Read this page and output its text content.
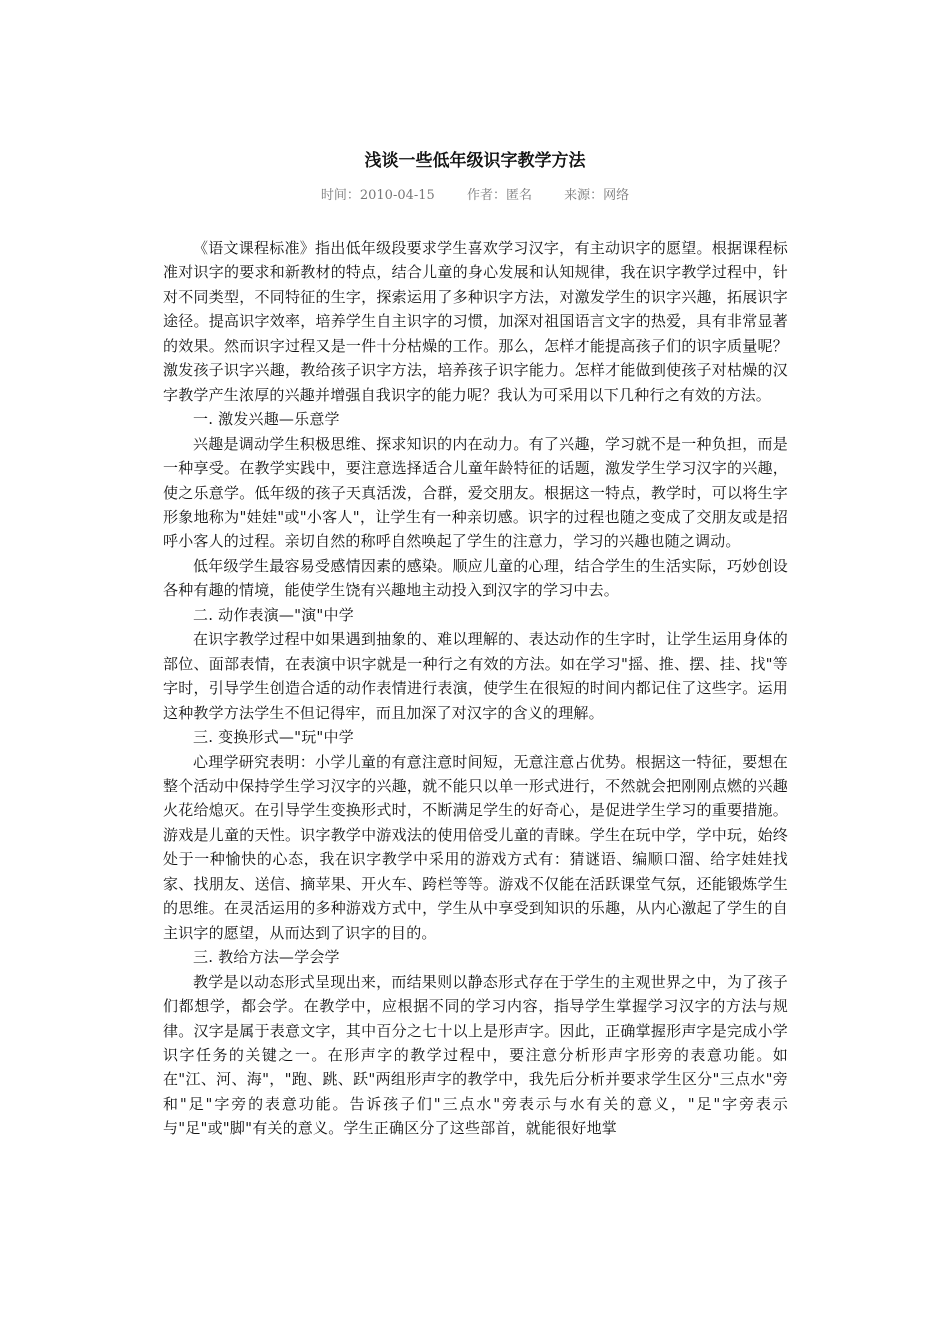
浅谈一些低年级识字教学方法
时间：2010-04-15 作者：匿名 来源：网络

《语文课程标准》指出低年级段要求学生喜欢学习汉字，有主动识字的愿望。根据课程标准对识字的要求和新教材的特点，结合儿童的身心发展和认知规律，我在识字教学过程中，针对不同类型，不同特征的生字，探索运用了多种识字方法，对激发学生的识字兴趣，拓展识字途径。提高识字效率，培养学生自主识字的习惯，加深对祖国语言文字的热爱，具有非常显著的效果。然而识字过程又是一件十分枯燥的工作。那么，怎样才能提高孩子们的识字质量呢？激发孩子识字兴趣，教给孩子识字方法，培养孩子识字能力。怎样才能做到使孩子对枯燥的汉字教学产生浓厚的兴趣并增强自我识字的能力呢？我认为可采用以下几种行之有效的方法。

一. 激发兴趣—乐意学

兴趣是调动学生积极思维、探求知识的内在动力。有了兴趣，学习就不是一种负担，而是一种享受。在教学实践中，要注意选择适合儿童年龄特征的话题，激发学生学习汉字的兴趣，使之乐意学。低年级的孩子天真活泼，合群，爱交朋友。根据这一特点，教学时，可以将生字形象地称为"娃娃"或"小客人"，让学生有一种亲切感。识字的过程也随之变成了交朋友或是招呼小客人的过程。亲切自然的称呼自然唤起了学生的注意力，学习的兴趣也随之调动。

低年级学生最容易受感情因素的感染。顺应儿童的心理，结合学生的生活实际，巧妙创设各种有趣的情境，能使学生饶有兴趣地主动投入到汉字的学习中去。

二. 动作表演—"演"中学

在识字教学过程中如果遇到抽象的、难以理解的、表达动作的生字时，让学生运用身体的部位、面部表情，在表演中识字就是一种行之有效的方法。如在学习"摇、推、摆、挂、找"等字时，引导学生创造合适的动作表情进行表演，使学生在很短的时间内都记住了这些字。运用这种教学方法学生不但记得牢，而且加深了对汉字的含义的理解。

三. 变换形式—"玩"中学

心理学研究表明：小学儿童的有意注意时间短，无意注意占优势。根据这一特征，要想在整个活动中保持学生学习汉字的兴趣，就不能只以单一形式进行，不然就会把刚刚点燃的兴趣火花给熄灭。在引导学生变换形式时，不断满足学生的好奇心，是促进学生学习的重要措施。游戏是儿童的天性。识字教学中游戏法的使用倍受儿童的青睐。学生在玩中学，学中玩，始终处于一种愉快的心态，我在识字教学中采用的游戏方式有：猜谜语、编顺口溜、给字娃娃找家、找朋友、送信、摘苹果、开火车、跨栏等等。游戏不仅能在活跃课堂气氛，还能锻炼学生的思维。在灵活运用的多种游戏方式中，学生从中享受到知识的乐趣，从内心激起了学生的自主识字的愿望，从而达到了识字的目的。

三. 教给方法—学会学

教学是以动态形式呈现出来，而结果则以静态形式存在于学生的主观世界之中，为了孩子们都想学，都会学。在教学中，应根据不同的学习内容，指导学生掌握学习汉字的方法与规律。汉字是属于表意文字，其中百分之七十以上是形声字。因此，正确掌握形声字是完成小学识字任务的关键之一。在形声字的教学过程中，要注意分析形声字形旁的表意功能。如在"江、河、海"，"跑、跳、跃"两组形声字的教学中，我先后分析并要求学生区分"三点水"旁和"足"字旁的表意功能。告诉孩子们"三点水"旁表示与水有关的意义，"足"字旁表示与"足"或"脚"有关的意义。学生正确区分了这些部首，就能很好地掌
